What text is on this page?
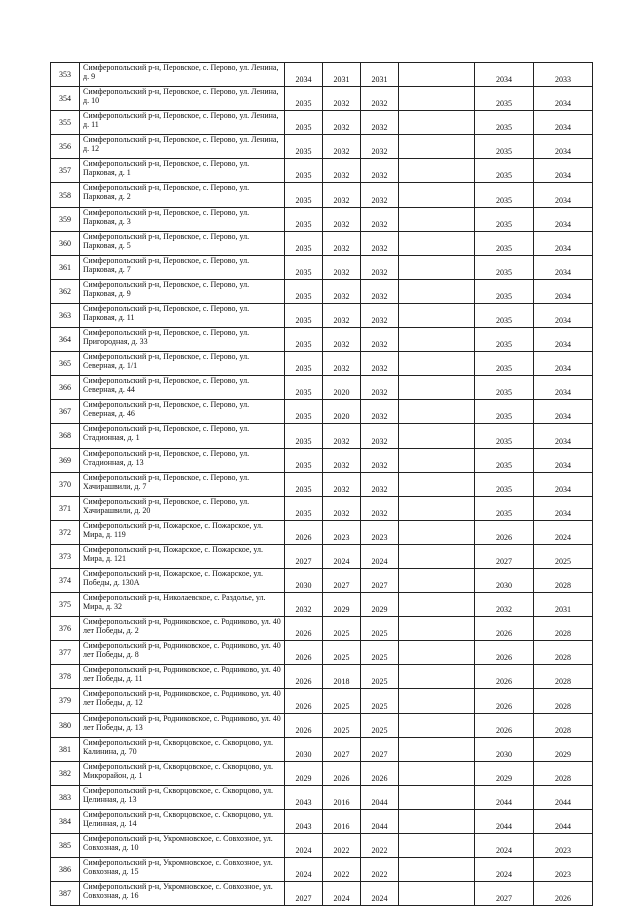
353	Симферопольский р-н, Перовское, с. Перово, ул. Ленина, д. 9	2034	2031	2031		2034	2033
354	Симферопольский р-н, Перовское, с. Перово, ул. Ленина, д. 10	2035	2032	2032		2035	2034
355	Симферопольский р-н, Перовское, с. Перово, ул. Ленина, д. 11	2035	2032	2032		2035	2034
356	Симферопольский р-н, Перовское, с. Перово, ул. Ленина, д. 12	2035	2032	2032		2035	2034
357	Симферопольский р-н, Перовское, с. Перово, ул. Парковая, д. 1	2035	2032	2032		2035	2034
358	Симферопольский р-н, Перовское, с. Перово, ул. Парковая, д. 2	2035	2032	2032		2035	2034
359	Симферопольский р-н, Перовское, с. Перово, ул. Парковая, д. 3	2035	2032	2032		2035	2034
360	Симферопольский р-н, Перовское, с. Перово, ул. Парковая, д. 5	2035	2032	2032		2035	2034
361	Симферопольский р-н, Перовское, с. Перово, ул. Парковая, д. 7	2035	2032	2032		2035	2034
362	Симферопольский р-н, Перовское, с. Перово, ул. Парковая, д. 9	2035	2032	2032		2035	2034
363	Симферопольский р-н, Перовское, с. Перово, ул. Парковая, д. 11	2035	2032	2032		2035	2034
364	Симферопольский р-н, Перовское, с. Перово, ул. Пригородная, д. 33	2035	2032	2032		2035	2034
365	Симферопольский р-н, Перовское, с. Перово, ул. Северная, д. 1/1	2035	2032	2032		2035	2034
366	Симферопольский р-н, Перовское, с. Перово, ул. Северная, д. 44	2035	2020	2032		2035	2034
367	Симферопольский р-н, Перовское, с. Перово, ул. Северная, д. 46	2035	2020	2032		2035	2034
368	Симферопольский р-н, Перовское, с. Перово, ул. Стадионная, д. 1	2035	2032	2032		2035	2034
369	Симферопольский р-н, Перовское, с. Перово, ул. Стадионная, д. 13	2035	2032	2032		2035	2034
370	Симферопольский р-н, Перовское, с. Перово, ул. Хачирашвили, д. 7	2035	2032	2032		2035	2034
371	Симферопольский р-н, Перовское, с. Перово, ул. Хачирашвили, д. 20	2035	2032	2032		2035	2034
372	Симферопольский р-н, Пожарское, с. Пожарское, ул. Мира, д. 119	2026	2023	2023		2026	2024
373	Симферопольский р-н, Пожарское, с. Пожарское, ул. Мира, д. 121	2027	2024	2024		2027	2025
374	Симферопольский р-н, Пожарское, с. Пожарское, ул. Победы, д. 130А	2030	2027	2027		2030	2028
375	Симферопольский р-н, Николаевское, с. Раздолье, ул. Мира, д. 32	2032	2029	2029		2032	2031
376	Симферопольский р-н, Родниковское, с. Родниково, ул. 40 лет Победы, д. 2	2026	2025	2025		2026	2028
377	Симферопольский р-н, Родниковское, с. Родниково, ул. 40 лет Победы, д. 8	2026	2025	2025		2026	2028
378	Симферопольский р-н, Родниковское, с. Родниково, ул. 40 лет Победы, д. 11	2026	2018	2025		2026	2028
379	Симферопольский р-н, Родниковское, с. Родниково, ул. 40 лет Победы, д. 12	2026	2025	2025		2026	2028
380	Симферопольский р-н, Родниковское, с. Родниково, ул. 40 лет Победы, д. 13	2026	2025	2025		2026	2028
381	Симферопольский р-н, Скворцовское, с. Скворцово, ул. Калинина, д. 70	2030	2027	2027		2030	2029
382	Симферопольский р-н, Скворцовское, с. Скворцово, ул. Микрорайон, д. 1	2029	2026	2026		2029	2028
383	Симферопольский р-н, Скворцовское, с. Скворцово, ул. Целинная, д. 13	2043	2016	2044		2044	2044
384	Симферопольский р-н, Скворцовское, с. Скворцово, ул. Целинная, д. 14	2043	2016	2044		2044	2044
385	Симферопольский р-н, Укромновское, с. Совхозное, ул. Совхозная, д. 10	2024	2022	2022		2024	2023
386	Симферопольский р-н, Укромновское, с. Совхозное, ул. Совхозная, д. 15	2024	2022	2022		2024	2023
387	Симферопольский р-н, Укромновское, с. Совхозное, ул. Совхозная, д. 16	2027	2024	2024		2027	2026
